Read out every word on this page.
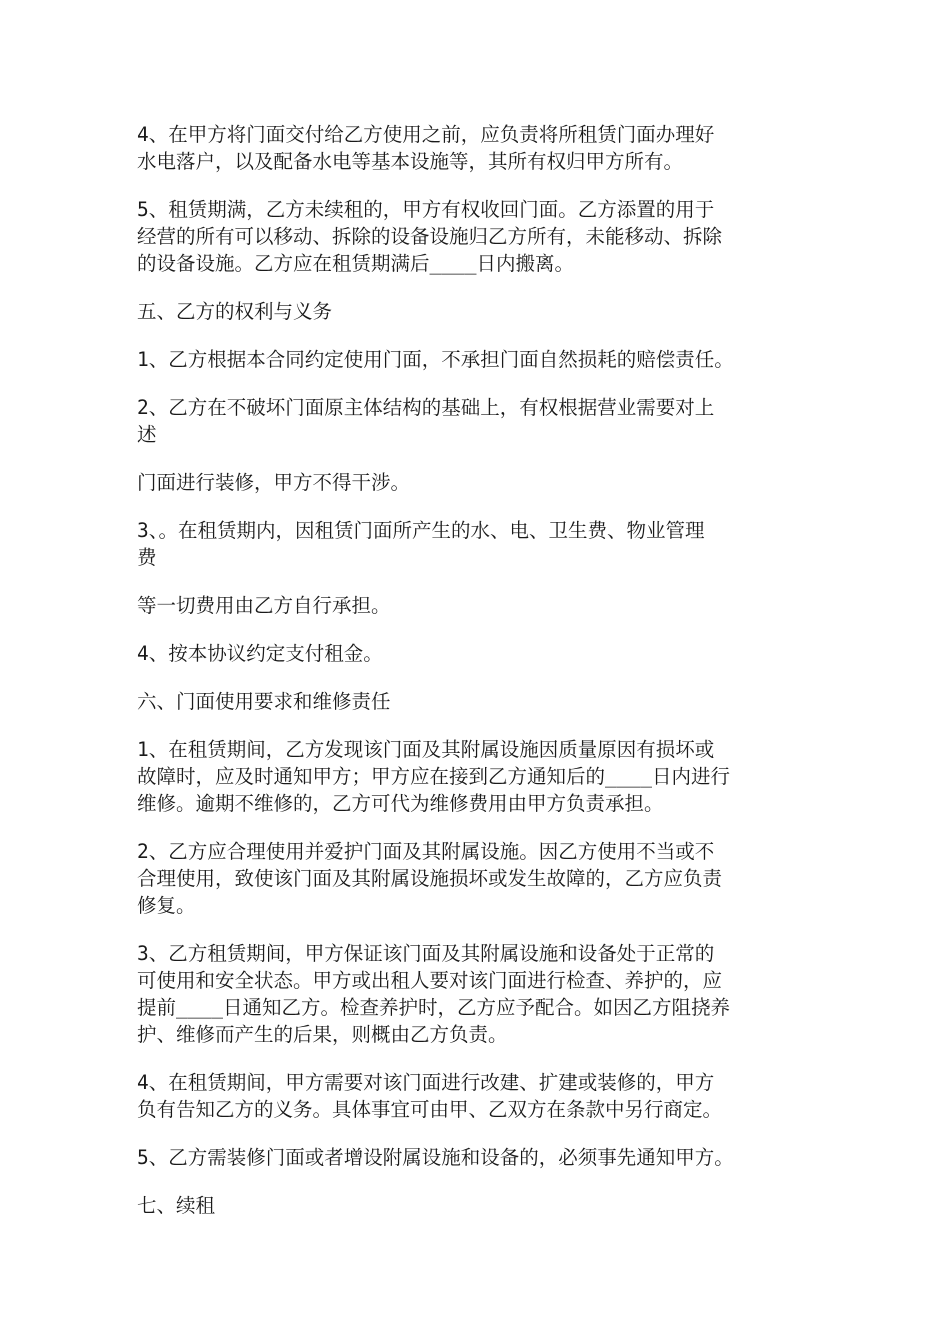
4、在甲方将门面交付给乙方使用之前，应负责将所租赁门面办理好
水电落户，以及配备水电等基本设施等，其所有权归甲方所有。

5、租赁期满，乙方未续租的，甲方有权收回门面。乙方添置的用于
经营的所有可以移动、拆除的设备设施归乙方所有，未能移动、拆除
的设备设施。乙方应在租赁期满后____日内搬离。

五、乙方的权利与义务

1、乙方根据本合同约定使用门面，不承担门面自然损耗的赔偿责任。

2、乙方在不破坏门面原主体结构的基础上，有权根据营业需要对上
述

门面进行装修，甲方不得干涉。

3、。在租赁期内，因租赁门面所产生的水、电、卫生费、物业管理
费

等一切费用由乙方自行承担。

4、按本协议约定支付租金。

六、门面使用要求和维修责任

1、在租赁期间，乙方发现该门面及其附属设施因质量原因有损坏或
故障时，应及时通知甲方；甲方应在接到乙方通知后的____日内进行
维修。逾期不维修的，乙方可代为维修费用由甲方负责承担。

2、乙方应合理使用并爱护门面及其附属设施。因乙方使用不当或不
合理使用，致使该门面及其附属设施损坏或发生故障的，乙方应负责
修复。

3、乙方租赁期间，甲方保证该门面及其附属设施和设备处于正常的
可使用和安全状态。甲方或出租人要对该门面进行检查、养护的，应
提前____日通知乙方。检查养护时，乙方应予配合。如因乙方阻挠养
护、维修而产生的后果，则概由乙方负责。

4、在租赁期间，甲方需要对该门面进行改建、扩建或装修的，甲方
负有告知乙方的义务。具体事宜可由甲、乙双方在条款中另行商定。

5、乙方需装修门面或者增设附属设施和设备的，必须事先通知甲方。

七、续租
